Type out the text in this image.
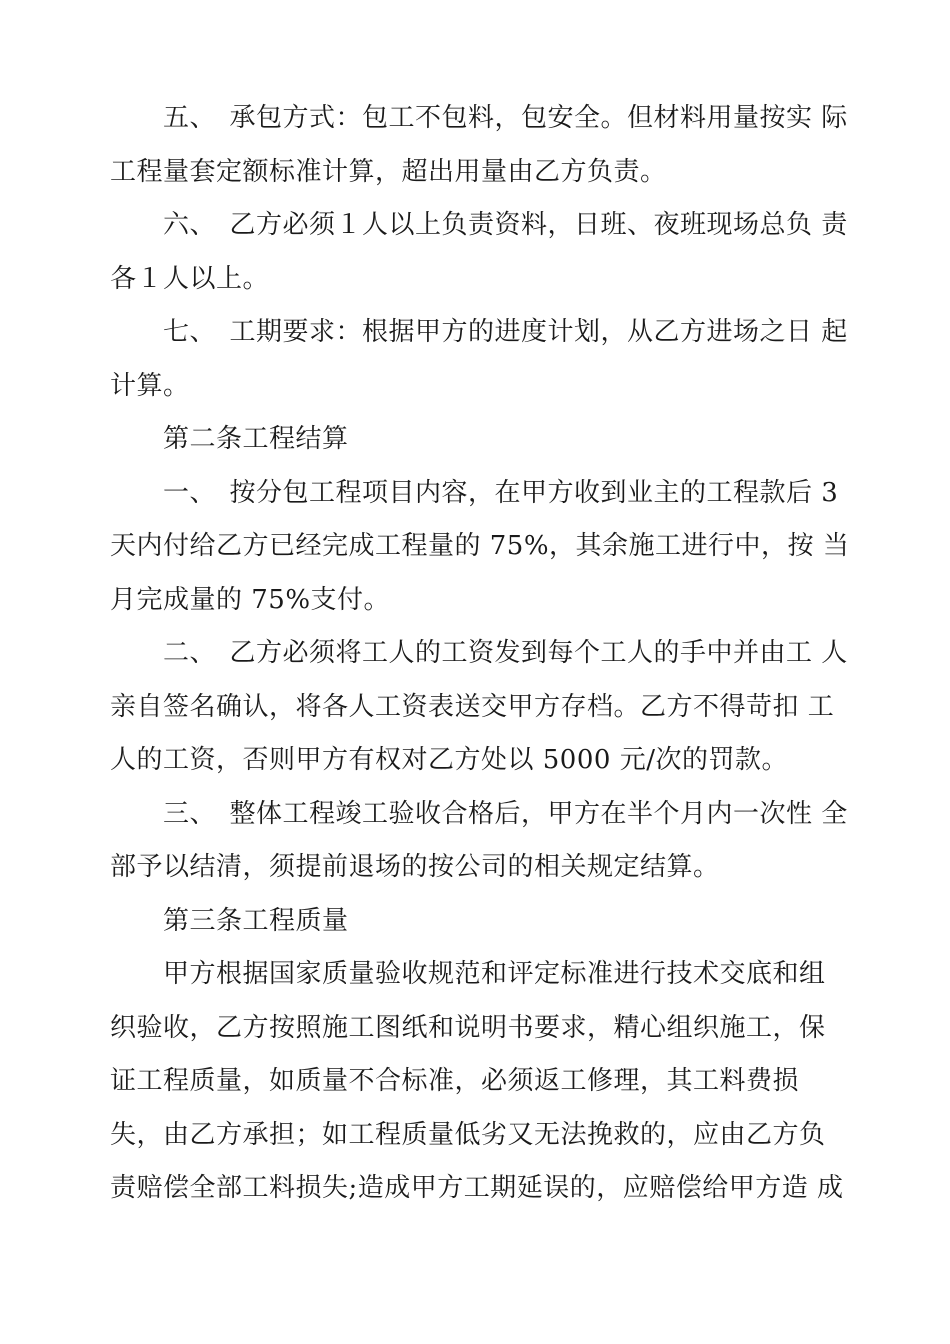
　　五、　承包方式：包工不包料，包安全。但材料用量按实 际
工程量套定额标准计算，超出用量由乙方负责。
　　六、　乙方必须１人以上负责资料，日班、夜班现场总负 责
各１人以上。
　　七、　工期要求：根据甲方的进度计划，从乙方进场之日 起
计算。
　　第二条工程结算
　　一、　按分包工程项目内容，在甲方收到业主的工程款后 3
天内付给乙方已经完成工程量的 75%，其余施工进行中，按 当
月完成量的 75%支付。
　　二、　乙方必须将工人的工资发到每个工人的手中并由工 人
亲自签名确认，将各人工资表送交甲方存档。乙方不得苛扣 工
人的工资，否则甲方有权对乙方处以 5000 元/次的罚款。
　　三、　整体工程竣工验收合格后，甲方在半个月内一次性 全
部予以结清，须提前退场的按公司的相关规定结算。
　　第三条工程质量
　　甲方根据国家质量验收规范和评定标准进行技术交底和组
织验收，乙方按照施工图纸和说明书要求，精心组织施工，保
证工程质量，如质量不合标准，必须返工修理，其工料费损
失，由乙方承担；如工程质量低劣又无法挽救的，应由乙方负
责赔偿全部工料损失;造成甲方工期延误的，应赔偿给甲方造 成
